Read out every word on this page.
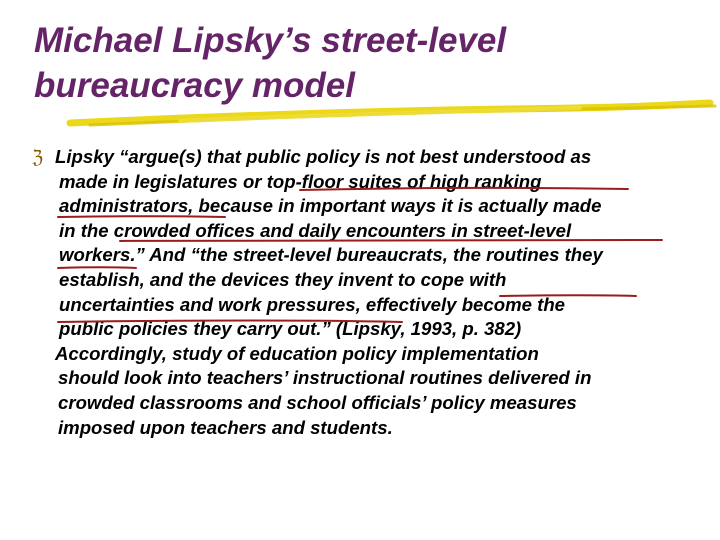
Michael Lipsky’s street-level
bureaucracy model
ℨ Lipsky “argue(s) that public policy is not best understood as
made in legislatures or top-floor suites of high ranking
administrators, because in important ways it is actually made
in the crowded offices and daily encounters in street-level
workers.” And “the street-level bureaucrats, the routines they
establish, and the devices they invent to cope with
uncertainties and work pressures, effectively become the
public policies they carry out.” (Lipsky, 1993, p. 382)
Accordingly, study of education policy implementation
should look into teachers’ instructional routines delivered in
crowded classrooms and school officials’ policy measures
imposed upon teachers and students.
